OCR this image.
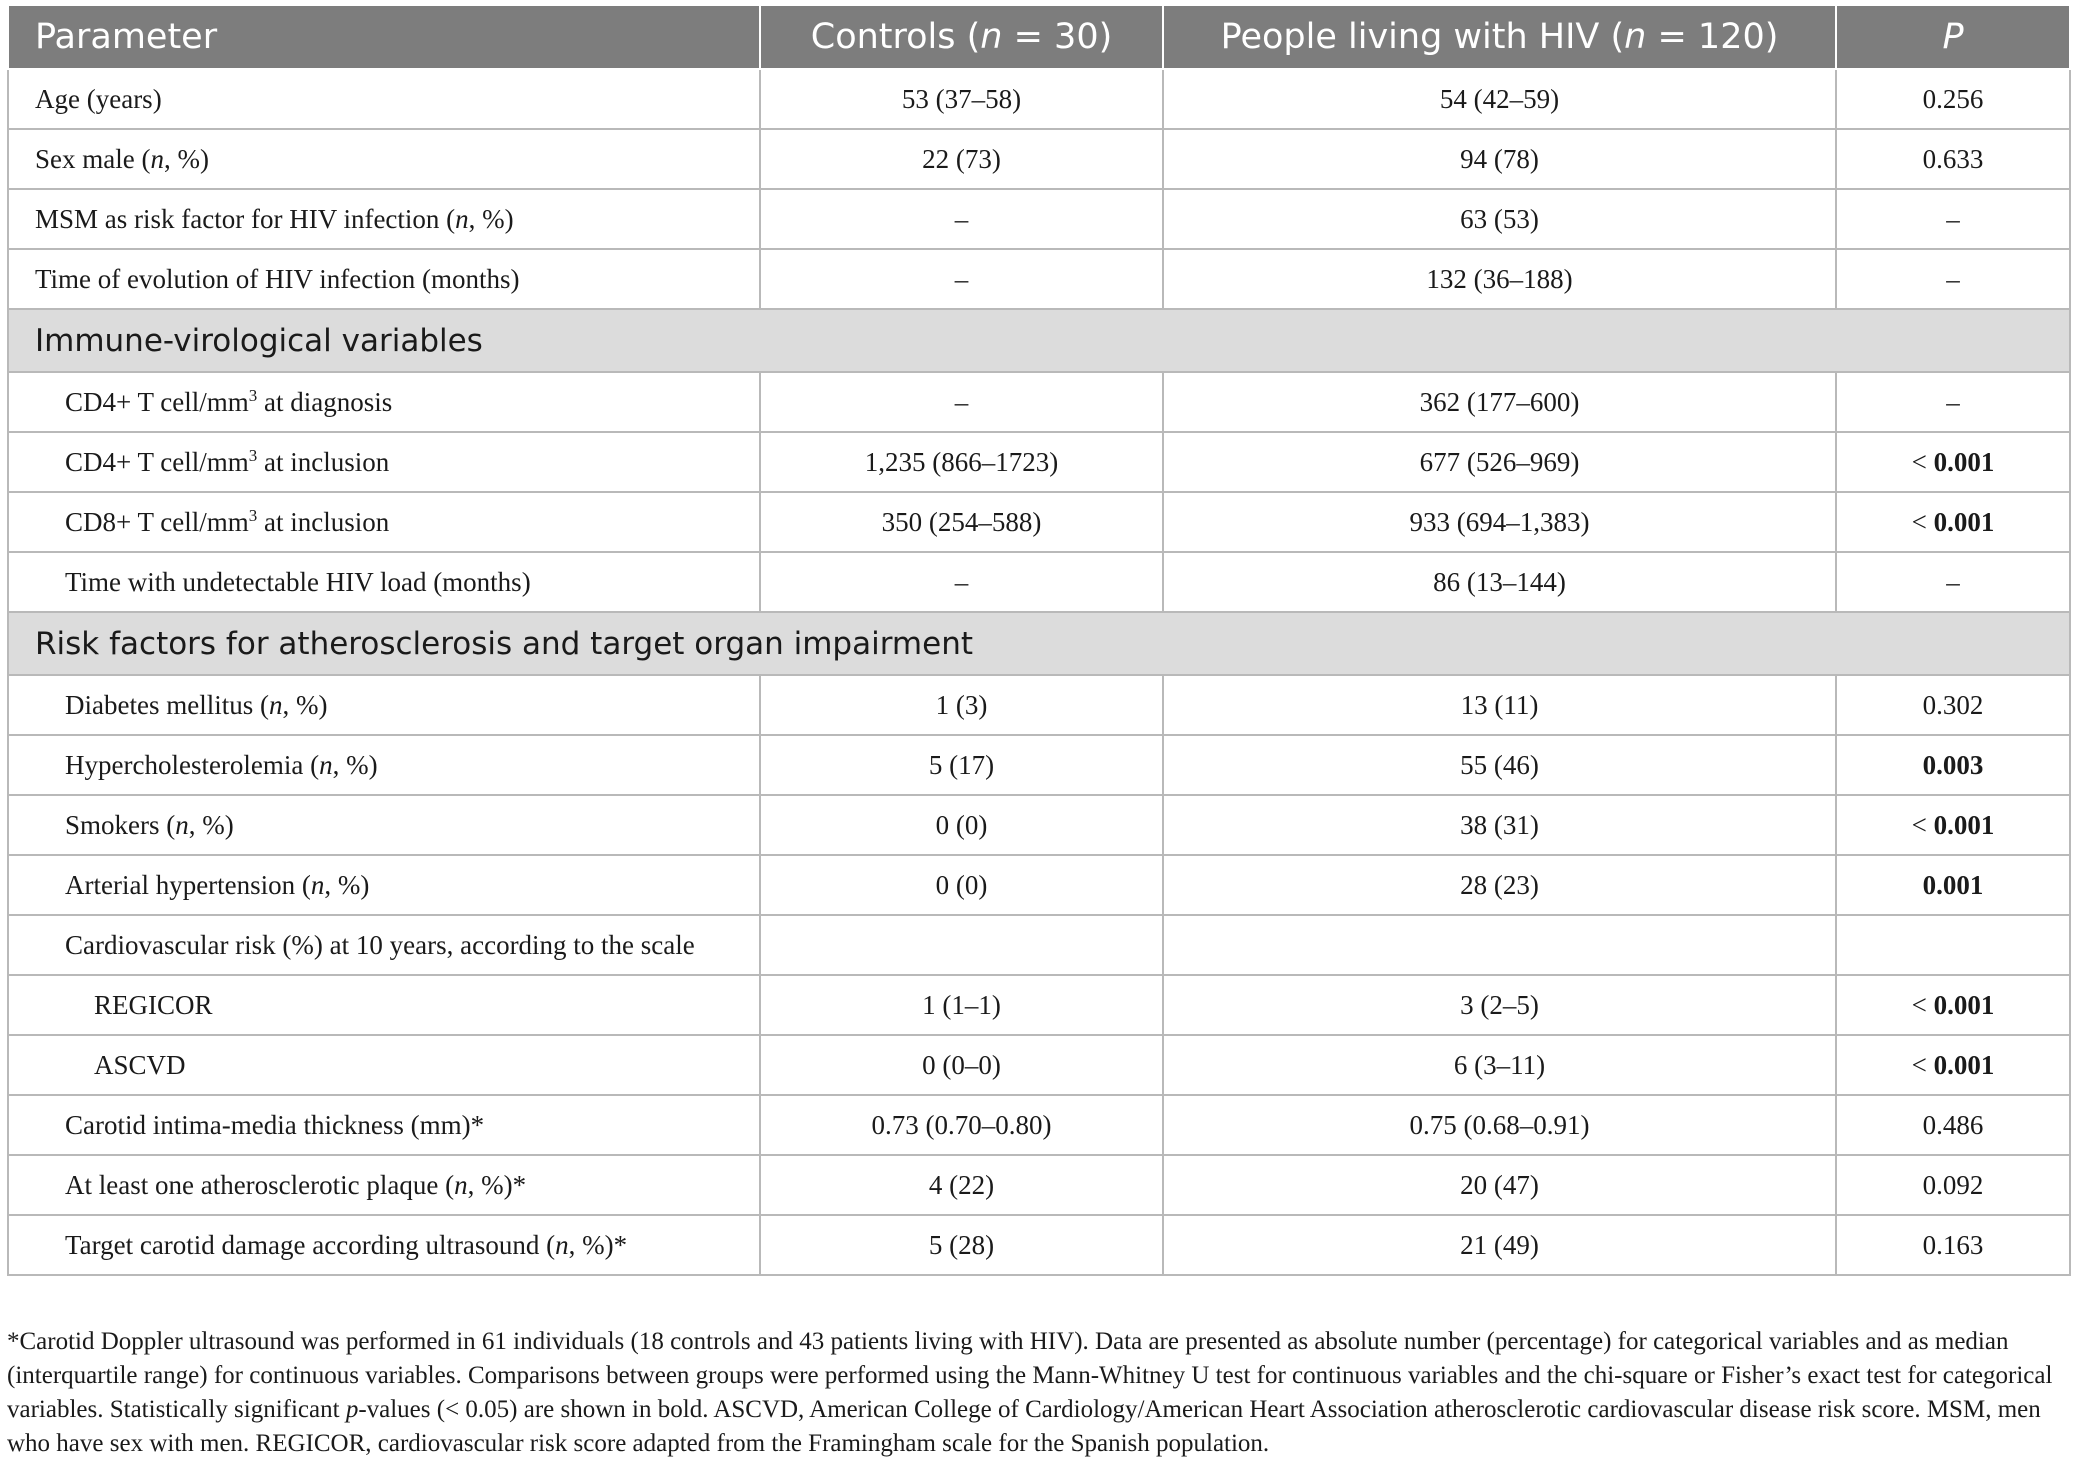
Parameter	Controls (n = 30)	People living with HIV (n = 120)	P
Age (years)	53 (37–58)	54 (42–59)	0.256
Sex male (n, %)	22 (73)	94 (78)	0.633
MSM as risk factor for HIV infection (n, %)	–	63 (53)	–
Time of evolution of HIV infection (months)	–	132 (36–188)	–
Immune-virological variables			
CD4+ T cell/$mm^3$ at diagnosis	–	362 (177–600)	–
CD4+ T cell/$mm^3$ at inclusion	1,235 (866–1723)	677 (526–969)	< 0.001
CD8+ T cell/$mm^3$ at inclusion	350 (254–588)	933 (694–1,383)	< 0.001
Time with undetectable HIV load (months)	–	86 (13–144)	–
Risk factors for atherosclerosis and target organ impairment			
Diabetes mellitus (n, %)	1 (3)	13 (11)	0.302
Hypercholesterolemia (n, %)	5 (17)	55 (46)	0.003
Smokers (n, %)	0 (0)	38 (31)	< 0.001
Arterial hypertension (n, %)	0 (0)	28 (23)	0.001
Cardiovascular risk (%) at 10 years, according to the scale			
REGICOR	1 (1–1)	3 (2–5)	< 0.001
ASCVD	0 (0–0)	6 (3–11)	< 0.001
Carotid intima-media thickness (mm)*	0.73 (0.70–0.80)	0.75 (0.68–0.91)	0.486
At least one atherosclerotic plaque (n, %)*	4 (22)	20 (47)	0.092
Target carotid damage according ultrasound (n, %)*	5 (28)	21 (49)	0.163
*Carotid Doppler ultrasound was performed in 61 individuals (18 controls and 43 patients living with HIV). Data are presented as absolute number (percentage) for categorical variables and as median (interquartile range) for continuous variables. Comparisons between groups were performed using the Mann-Whitney U test for continuous variables and the chi-square or Fisher’s exact test for categorical variables. Statistically significant p-values (< 0.05) are shown in bold. ASCVD, American College of Cardiology/American Heart Association atherosclerotic cardiovascular disease risk score. MSM, men who have sex with men. REGICOR, cardiovascular risk score adapted from the Framingham scale for the Spanish population.
